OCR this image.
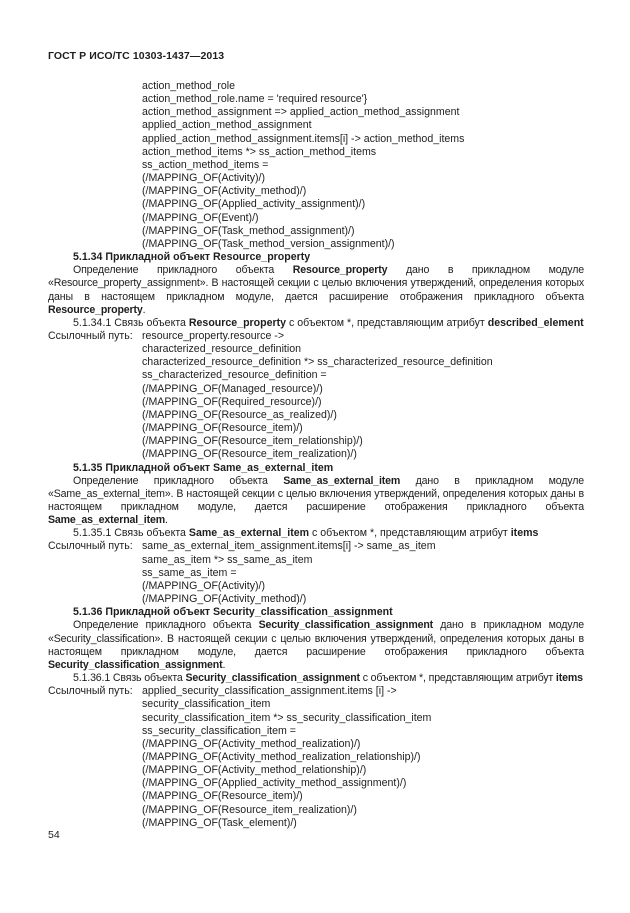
ГОСТ Р ИСО/ТС 10303-1437—2013
action_method_role
action_method_role.name = 'required resource'}
action_method_assignment => applied_action_method_assignment
applied_action_method_assignment
applied_action_method_assignment.items[i] -> action_method_items
action_method_items *> ss_action_method_items
ss_action_method_items =
(/MAPPING_OF(Activity)/)
(/MAPPING_OF(Activity_method)/)
(/MAPPING_OF(Applied_activity_assignment)/)
(/MAPPING_OF(Event)/)
(/MAPPING_OF(Task_method_assignment)/)
(/MAPPING_OF(Task_method_version_assignment)/)
5.1.34 Прикладной объект Resource_property

Определение прикладного объекта Resource_property дано в прикладном модуле «Resource_property_assignment». В настоящей секции с целью включения утверждений, определения которых даны в настоящем прикладном модуле, дается расширение отображения прикладного объекта Resource_property.

5.1.34.1 Связь объекта Resource_property с объектом *, представляющим атрибут described_element
Ссылочный путь: resource_property.resource ->
characterized_resource_definition
characterized_resource_definition *> ss_characterized_resource_definition
ss_characterized_resource_definition =
(/MAPPING_OF(Managed_resource)/)
(/MAPPING_OF(Required_resource)/)
(/MAPPING_OF(Resource_as_realized)/)
(/MAPPING_OF(Resource_item)/)
(/MAPPING_OF(Resource_item_relationship)/)
(/MAPPING_OF(Resource_item_realization)/)
5.1.35 Прикладной объект Same_as_external_item

Определение прикладного объекта Same_as_external_item дано в прикладном модуле «Same_as_external_item». В настоящей секции с целью включения утверждений, определения которых даны в настоящем прикладном модуле, дается расширение отображения прикладного объекта Same_as_external_item.

5.1.35.1 Связь объекта Same_as_external_item с объектом *, представляющим атрибут items
Ссылочный путь: same_as_external_item_assignment.items[i] -> same_as_item
same_as_item *> ss_same_as_item
ss_same_as_item =
(/MAPPING_OF(Activity)/)
(/MAPPING_OF(Activity_method)/)
5.1.36 Прикладной объект Security_classification_assignment

Определение прикладного объекта Security_classification_assignment дано в прикладном модуле «Security_classification». В настоящей секции с целью включения утверждений, определения которых даны в настоящем прикладном модуле, дается расширение отображения прикладного объекта Security_classification_assignment.

5.1.36.1 Связь объекта Security_classification_assignment с объектом *, представляющим атрибут items

Ссылочный путь: applied_security_classification_assignment.items [i] ->
security_classification_item
security_classification_item *> ss_security_classification_item
ss_security_classification_item =
(/MAPPING_OF(Activity_method_realization)/)
(/MAPPING_OF(Activity_method_realization_relationship)/)
(/MAPPING_OF(Activity_method_relationship)/)
(/MAPPING_OF(Applied_activity_method_assignment)/)
(/MAPPING_OF(Resource_item)/)
(/MAPPING_OF(Resource_item_realization)/)
(/MAPPING_OF(Task_element)/)
54
